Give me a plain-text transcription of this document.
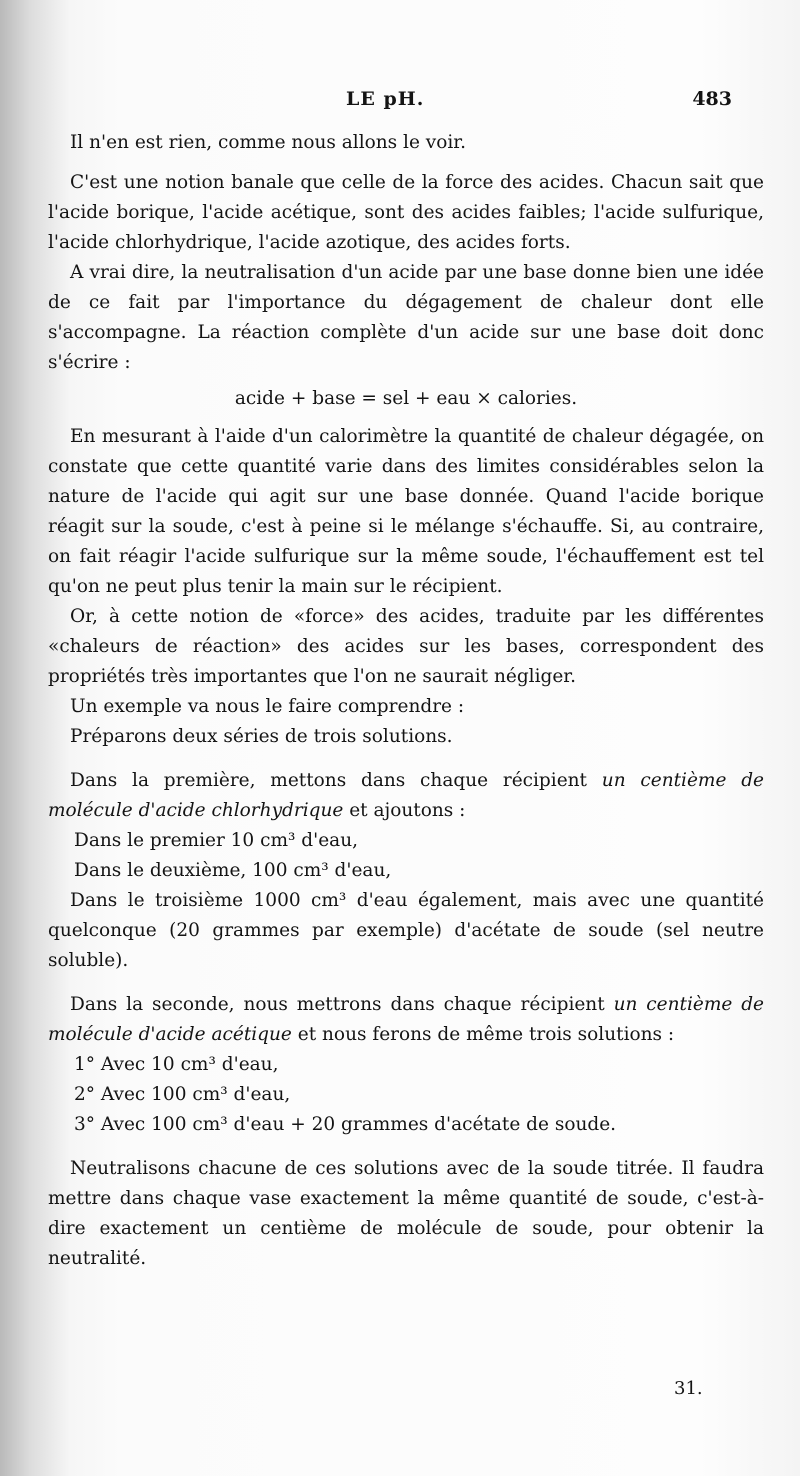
LE pH.	483

Il n'en est rien, comme nous allons le voir.

C'est une notion banale que celle de la force des acides. Chacun sait que l'acide borique, l'acide acétique, sont des acides faibles; l'acide sulfurique, l'acide chlorhydrique, l'acide azotique, des acides forts.

A vrai dire, la neutralisation d'un acide par une base donne bien une idée de ce fait par l'importance du dégagement de chaleur dont elle s'accompagne. La réaction complète d'un acide sur une base doit donc s'écrire :

acide + base = sel + eau × calories.

En mesurant à l'aide d'un calorimètre la quantité de chaleur dégagée, on constate que cette quantité varie dans des limites considérables selon la nature de l'acide qui agit sur une base donnée. Quand l'acide borique réagit sur la soude, c'est à peine si le mélange s'échauffe. Si, au contraire, on fait réagir l'acide sulfurique sur la même soude, l'échauffement est tel qu'on ne peut plus tenir la main sur le récipient.

Or, à cette notion de «force» des acides, traduite par les différentes «chaleurs de réaction» des acides sur les bases, correspondent des propriétés très importantes que l'on ne saurait négliger.

Un exemple va nous le faire comprendre :

Préparons deux séries de trois solutions.

Dans la première, mettons dans chaque récipient un centième de molécule d'acide chlorhydrique et ajoutons :

Dans le premier 10 cm³ d'eau,

Dans le deuxième, 100 cm³ d'eau,

Dans le troisième 1000 cm³ d'eau également, mais avec une quantité quelconque (20 grammes par exemple) d'acétate de soude (sel neutre soluble).

Dans la seconde, nous mettrons dans chaque récipient un centième de molécule d'acide acétique et nous ferons de même trois solutions :

1° Avec 10 cm³ d'eau,

2° Avec 100 cm³ d'eau,

3° Avec 100 cm³ d'eau + 20 grammes d'acétate de soude.

Neutralisons chacune de ces solutions avec de la soude titrée. Il faudra mettre dans chaque vase exactement la même quantité de soude, c'est-à-dire exactement un centième de molécule de soude, pour obtenir la neutralité.

31.
